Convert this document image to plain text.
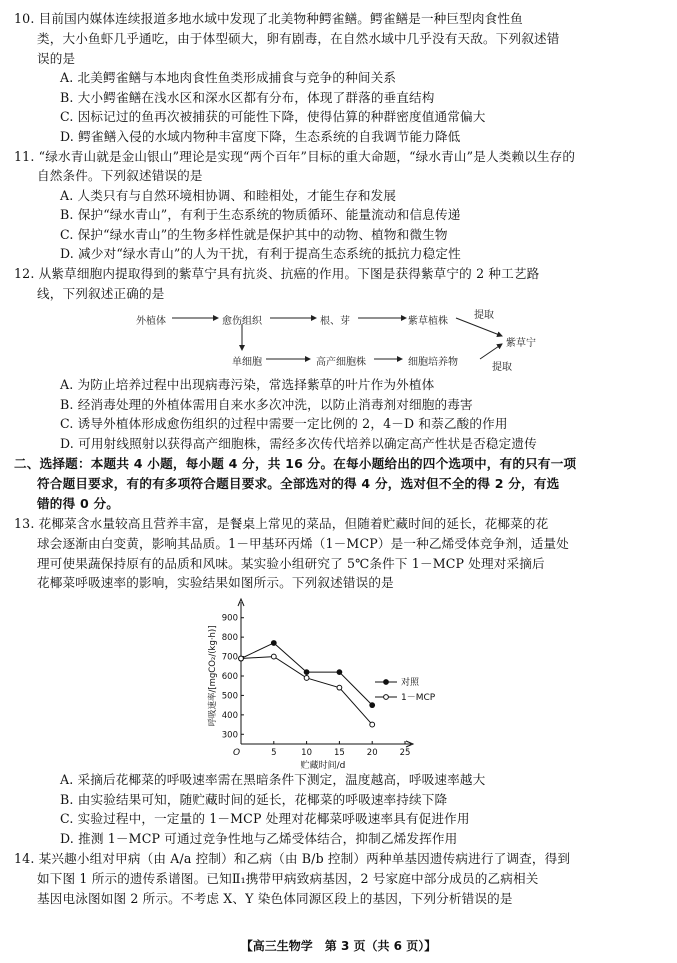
10. 目前国内媒体连续报道多地水域中发现了北美物种鳄雀鳝。鳄雀鳝是一种巨型肉食性鱼
类，大小鱼虾几乎通吃，由于体型硕大，卵有剧毒，在自然水域中几乎没有天敌。下列叙述错
误的是
A. 北美鳄雀鳝与本地肉食性鱼类形成捕食与竞争的种间关系
B. 大小鳄雀鳝在浅水区和深水区都有分布，体现了群落的垂直结构
C. 因标记过的鱼再次被捕获的可能性下降，使得估算的种群密度值通常偏大
D. 鳄雀鳝入侵的水域内物种丰富度下降，生态系统的自我调节能力降低
11. “绿水青山就是金山银山”理论是实现“两个百年”目标的重大命题，“绿水青山”是人类赖以生存的
自然条件。下列叙述错误的是
A. 人类只有与自然环境相协调、和睦相处，才能生存和发展
B. 保护“绿水青山”，有利于生态系统的物质循环、能量流动和信息传递
C. 保护“绿水青山”的生物多样性就是保护其中的动物、植物和微生物
D. 减少对“绿水青山”的人为干扰，有利于提高生态系统的抵抗力稳定性
12. 从紫草细胞内提取得到的紫草宁具有抗炎、抗癌的作用。下图是获得紫草宁的 2 种工艺路
线，下列叙述正确的是
外植体	愈伤组织	根、芽	紫草植株
提取
紫草宁
单细胞	高产细胞株	细胞培养物	提取
A. 为防止培养过程中出现病毒污染，常选择紫草的叶片作为外植体
B. 经消毒处理的外植体需用自来水多次冲洗，以防止消毒剂对细胞的毒害
C. 诱导外植体形成愈伤组织的过程中需要一定比例的 2，4－D 和萘乙酸的作用
D. 可用射线照射以获得高产细胞株，需经多次传代培养以确定高产性状是否稳定遗传
二、选择题：本题共 4 小题，每小题 4 分，共 16 分。在每小题给出的四个选项中，有的只有一项
符合题目要求，有的有多项符合题目要求。全部选对的得 4 分，选对但不全的得 2 分，有选
错的得 0 分。
13. 花椰菜含水量较高且营养丰富，是餐桌上常见的菜品，但随着贮藏时间的延长，花椰菜的花
球会逐渐由白变黄，影响其品质。1－甲基环丙烯（1－MCP）是一种乙烯受体竞争剂，适量处
理可使果蔬保持原有的品质和风味。某实验小组研究了 5℃条件下 1－MCP 处理对采摘后
花椰菜呼吸速率的影响，实验结果如图所示。下列叙述错误的是
300
400
500
600
700
800
900
5	10	15	20	25
O
贮藏时间/d
呼吸速率/[mgCO₂/(kg·h)]	对照
1－MCP
A. 采摘后花椰菜的呼吸速率需在黑暗条件下测定，温度越高，呼吸速率越大
B. 由实验结果可知，随贮藏时间的延长，花椰菜的呼吸速率持续下降
C. 实验过程中，一定量的 1－MCP 处理对花椰菜呼吸速率具有促进作用
D. 推测 1－MCP 可通过竞争性地与乙烯受体结合，抑制乙烯发挥作用
14. 某兴趣小组对甲病（由 A/a 控制）和乙病（由 B/b 控制）两种单基因遗传病进行了调查，得到
如下图 1 所示的遗传系谱图。已知Ⅱ₁携带甲病致病基因，2 号家庭中部分成员的乙病相关
基因电泳图如图 2 所示。不考虑 X、Y 染色体同源区段上的基因，下列分析错误的是
【高三生物学　第 3 页（共 6 页）】
